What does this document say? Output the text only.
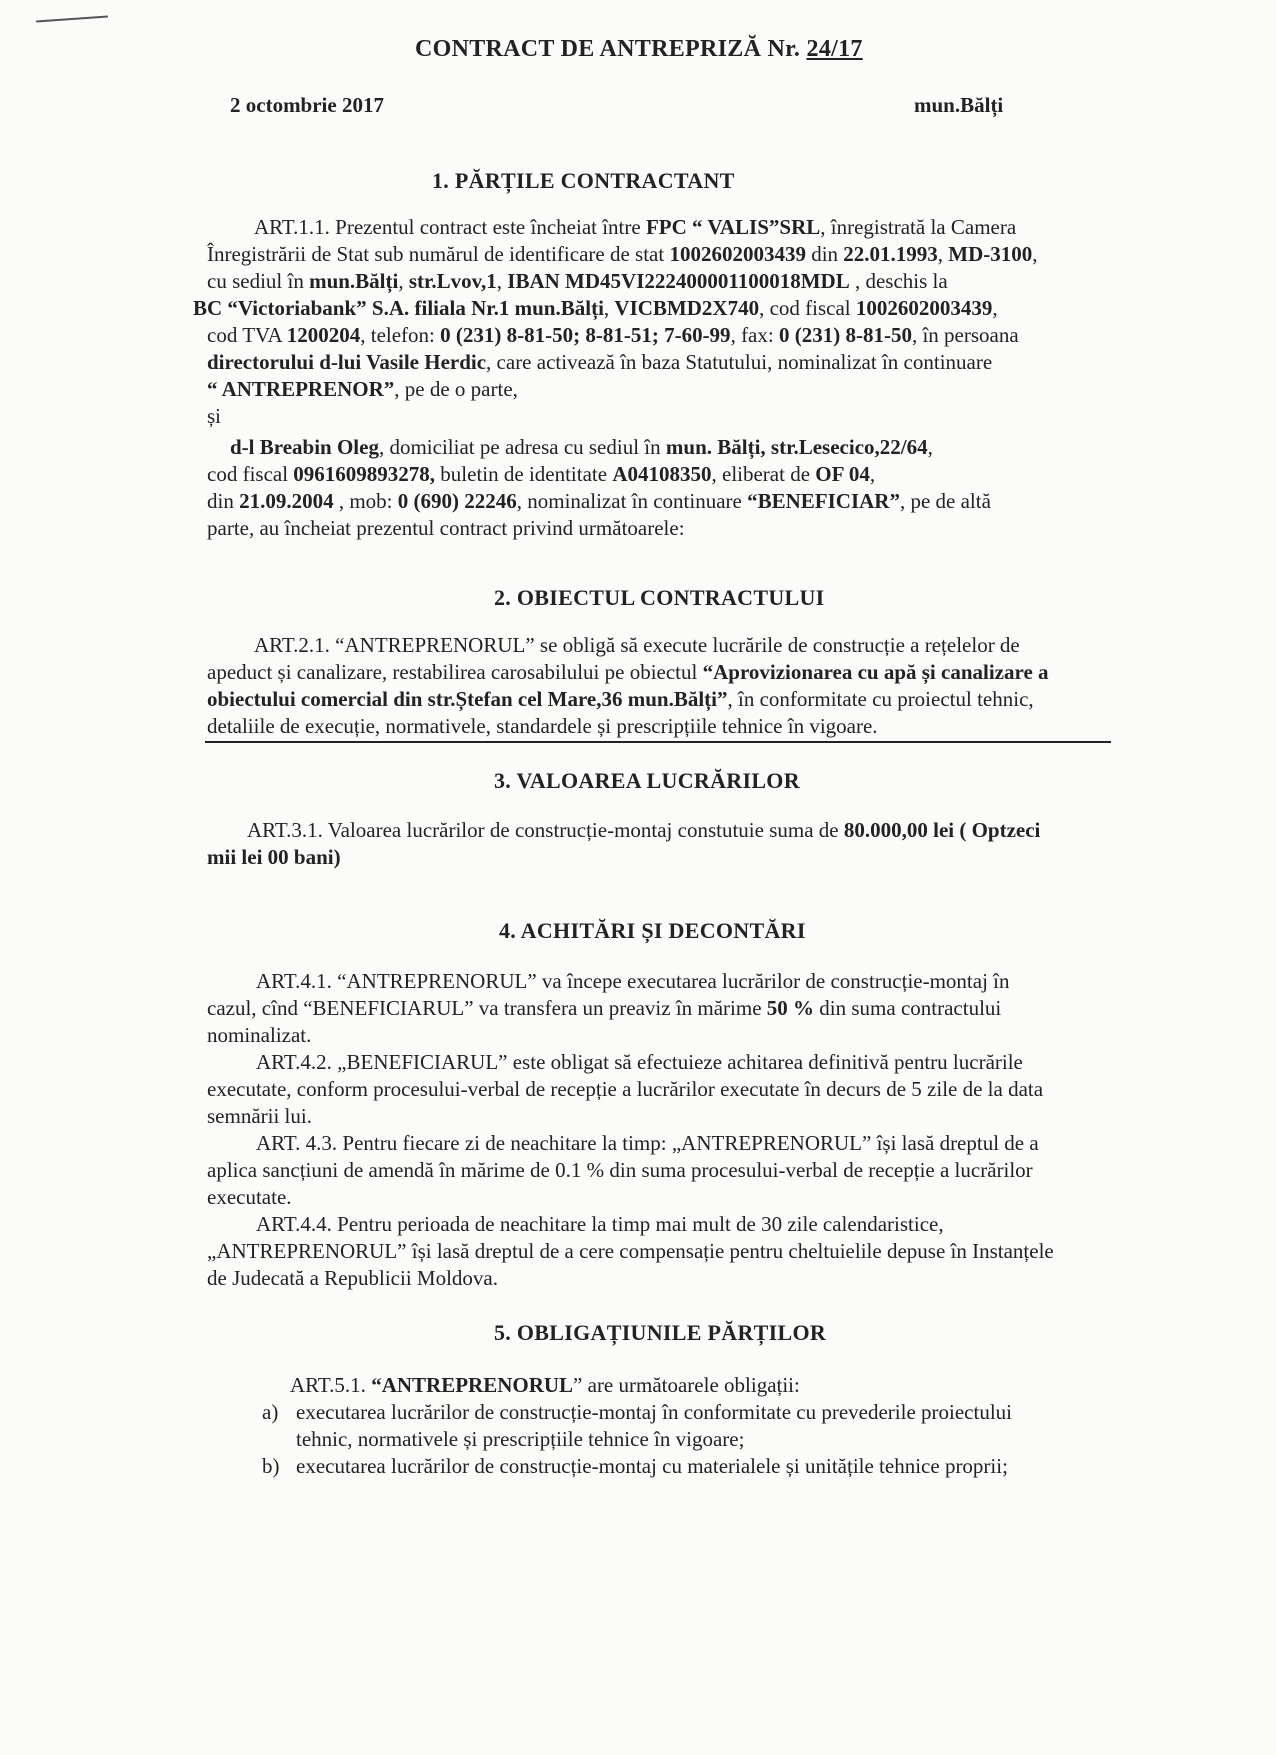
CONTRACT DE ANTREPRIZĂ Nr. 24/17
2 octombrie 2017	mun.Bălți
1. PĂRȚILE CONTRACTANT
ART.1.1. Prezentul contract este încheiat între FPC “ VALIS”SRL, înregistrată la Camera
Înregistrării de Stat sub numărul de identificare de stat 1002602003439 din 22.01.1993, MD-3100,
cu sediul în mun.Bălți, str.Lvov,1, IBAN MD45VI222400001100018MDL , deschis la
BC “Victoriabank” S.A. filiala Nr.1 mun.Bălți, VICBMD2X740, cod fiscal 1002602003439,
cod TVA 1200204, telefon: 0 (231) 8-81-50; 8-81-51; 7-60-99, fax: 0 (231) 8-81-50, în persoana
directorului d-lui Vasile Herdic, care activează în baza Statutului, nominalizat în continuare
“ ANTREPRENOR”, pe de o parte,
și
d-l Breabin Oleg, domiciliat pe adresa cu sediul în mun. Bălți, str.Lesecico,22/64,
cod fiscal 0961609893278, buletin de identitate A04108350, eliberat de OF 04,
din 21.09.2004 , mob: 0 (690) 22246, nominalizat în continuare “BENEFICIAR”, pe de altă
parte, au încheiat prezentul contract privind următoarele:
2. OBIECTUL CONTRACTULUI
ART.2.1. “ANTREPRENORUL” se obligă să execute lucrările de construcție a rețelelor de
apeduct și canalizare, restabilirea carosabilului pe obiectul “Aprovizionarea cu apă și canalizare a
obiectului comercial din str.Ștefan cel Mare,36 mun.Bălți”, în conformitate cu proiectul tehnic,
detaliile de execuție, normativele, standardele și prescripțiile tehnice în vigoare.
3. VALOAREA LUCRĂRILOR
ART.3.1. Valoarea lucrărilor de construcție-montaj constutuie suma de 80.000,00 lei ( Optzeci
mii lei 00 bani)
4. ACHITĂRI ȘI DECONTĂRI
ART.4.1. “ANTREPRENORUL” va începe executarea lucrărilor de construcție-montaj în
cazul, cînd “BENEFICIARUL” va transfera un preaviz în mărime 50 % din suma contractului
nominalizat.
ART.4.2. „BENEFICIARUL” este obligat să efectuieze achitarea definitivă pentru lucrările
executate, conform procesului-verbal de recepție a lucrărilor executate în decurs de 5 zile de la data
semnării lui.
ART. 4.3. Pentru fiecare zi de neachitare la timp: „ANTREPRENORUL” își lasă dreptul de a
aplica sancțiuni de amendă în mărime de 0.1 % din suma procesului-verbal de recepție a lucrărilor
executate.
ART.4.4. Pentru perioada de neachitare la timp mai mult de 30 zile calendaristice,
„ANTREPRENORUL” își lasă dreptul de a cere compensație pentru cheltuielile depuse în Instanțele
de Judecată a Republicii Moldova.
5. OBLIGAȚIUNILE PĂRȚILOR
ART.5.1. “ANTREPRENORUL” are următoarele obligații:
a) executarea lucrărilor de construcție-montaj în conformitate cu prevederile proiectului
tehnic, normativele și prescripțiile tehnice în vigoare;
b) executarea lucrărilor de construcție-montaj cu materialele și unitățile tehnice proprii;
